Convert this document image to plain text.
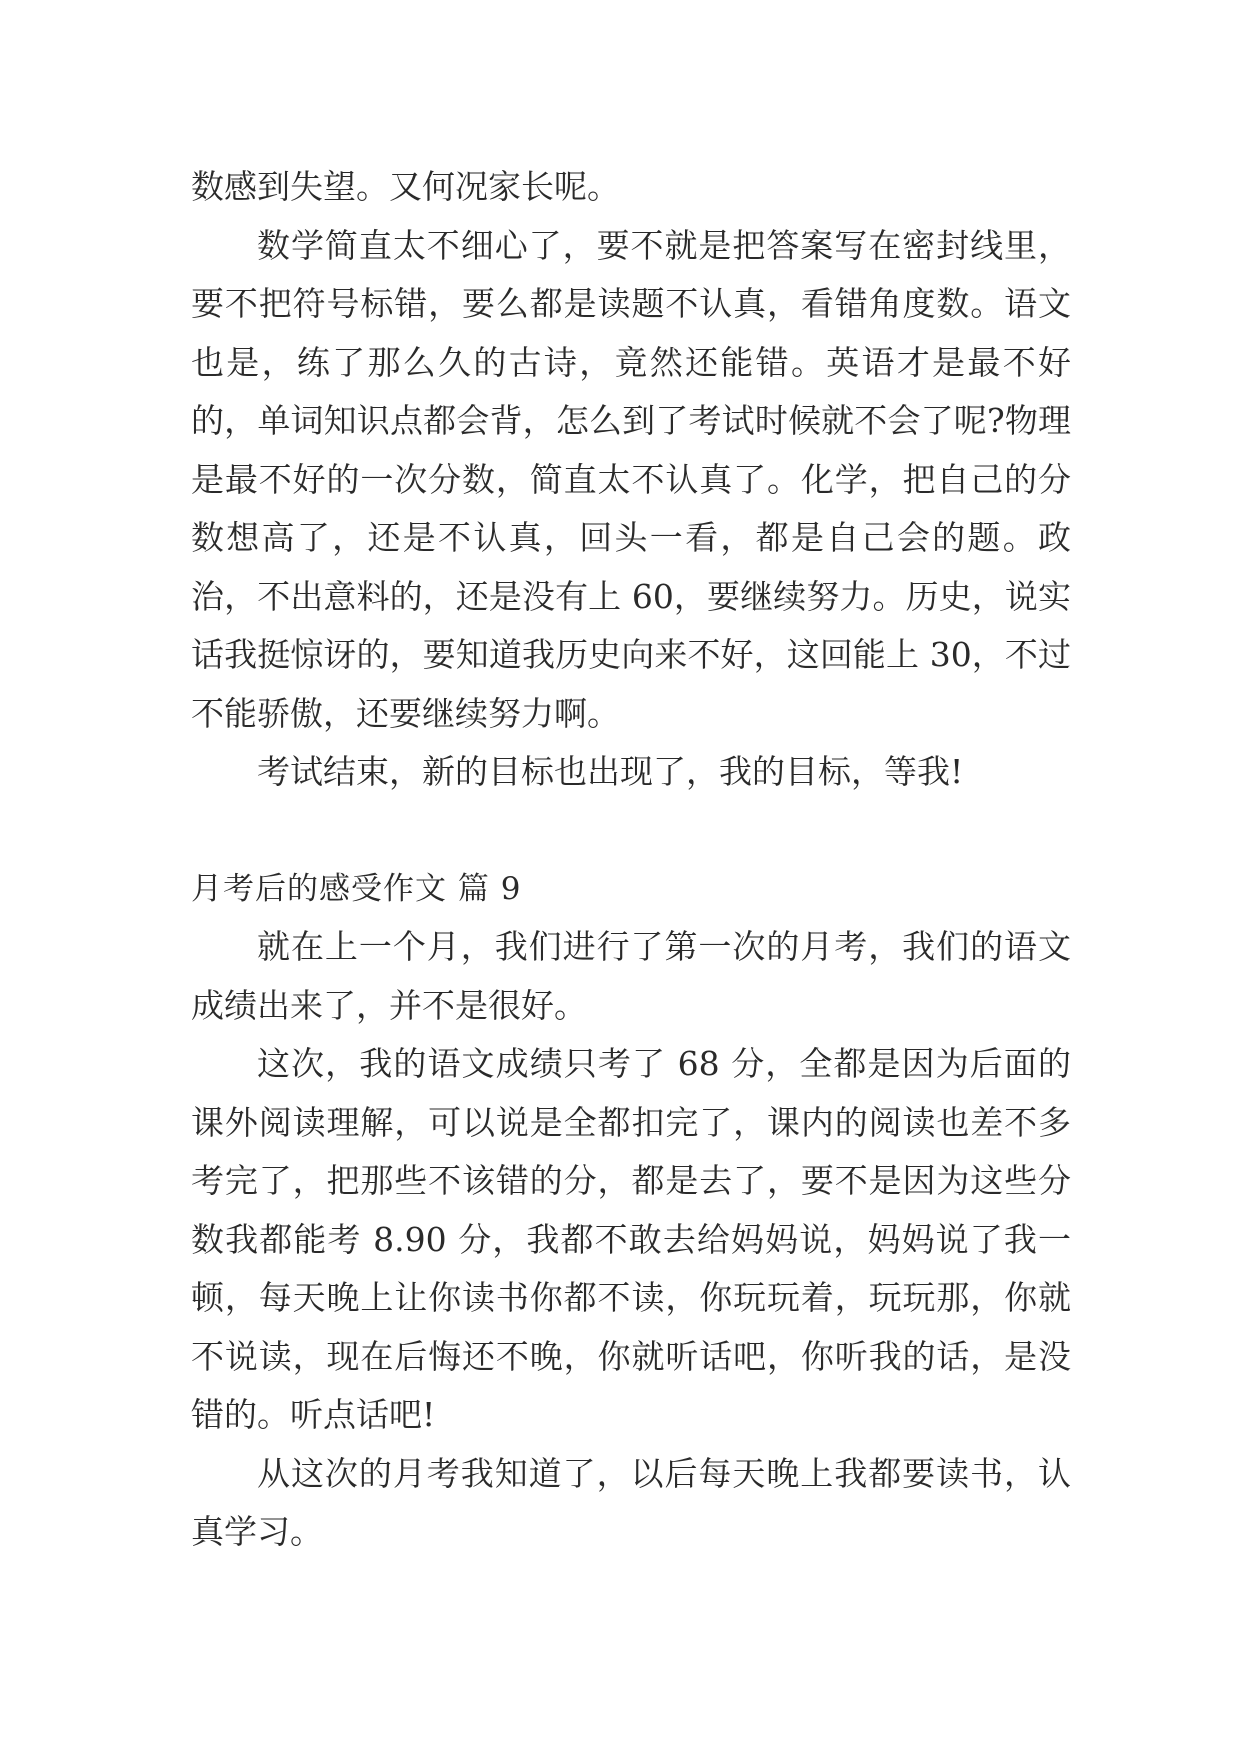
数感到失望。又何况家长呢。

数学简直太不细心了，要不就是把答案写在密封线里，要不把符号标错，要么都是读题不认真，看错角度数。语文也是，练了那么久的古诗，竟然还能错。英语才是最不好的，单词知识点都会背，怎么到了考试时候就不会了呢?物理是最不好的一次分数，简直太不认真了。化学，把自己的分数想高了，还是不认真，回头一看，都是自己会的题。政治，不出意料的，还是没有上 60，要继续努力。历史，说实话我挺惊讶的，要知道我历史向来不好，这回能上 30，不过不能骄傲，还要继续努力啊。

考试结束，新的目标也出现了，我的目标，等我!

月考后的感受作文 篇 9

就在上一个月，我们进行了第一次的月考，我们的语文成绩出来了，并不是很好。

这次，我的语文成绩只考了 68 分，全都是因为后面的课外阅读理解，可以说是全都扣完了，课内的阅读也差不多考完了，把那些不该错的分，都是去了，要不是因为这些分数我都能考 8.90 分，我都不敢去给妈妈说，妈妈说了我一顿，每天晚上让你读书你都不读，你玩玩着，玩玩那，你就不说读，现在后悔还不晚，你就听话吧，你听我的话，是没错的。听点话吧!

从这次的月考我知道了，以后每天晚上我都要读书，认真学习。
